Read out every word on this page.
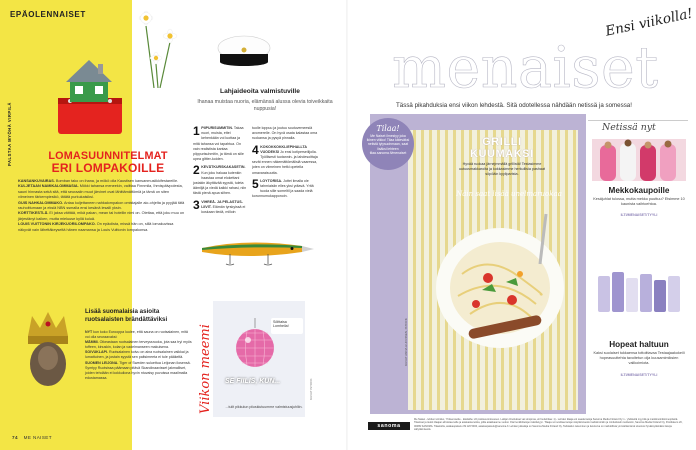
EPÄOLENNAISET
PALSTAA MYÖHÄ VIRPILÄ	LOMASUUNNITELMAT
ERI LOMPAKOILLE

KANSANKUVAIRAS. Bomban tako on ihana, ja mökö olla Kaustisen kansanmusiikkifestareille.

KULJETAAN NAMIKALOMMASIA. Mökki tahansa meneekin, vaiittaa Finnmila, Ihmispäivpolesta, sauni hinnasta sekä sitä, että seuraaiin muut järvinet ovat lähittämättömiä ja tämä on siten viimeinen tärkempiesikö, tätätä purkukaisiksi.

GUIS NAHKALOMMAKO. Antaa kuljettaneen nahkalompakon omistajalle aio-ohjelta ja pyyjää tätä rauhoittumaan ja eksiä NBN ssmalla ensi kesänä lesalli yksin.

KORTTIKESTLÄ. Ei jaksa väittää, mikä pakan, mean tai hotellin nimi on. Olettaa, että joku muu on järjestänyt kaiken, mutta mieluuse kyllä kuluä.

LOUIS VUITTONIN KIRJEKUORILOMPAKO. On epäolista, missä hän on, sillä lomakuvissa näkyvät vain lähettäkeyseltä hänen naamansa ja Louis Vuittonin lompakonsa.

Lahjaideoita valmistuville
Ihanaa muistaa nuoria, elämänsä alussa olevia toiveikkaita nuppusia!

1 PIIPURISUMMITIN. Takaa nuori, muista, ettei kehenkään voi luottaa ja mitä tahansa voi tapahtua. On vain realistista kantaa piippurisuhmitin, ja tämä on siile upea glitter-koiden.

2 KEVÄTKURSKAKASETIN. Kun joku haluaa kutenkin haastaa omat elokettani jostakin äkyttävää syystä, tuleta äämiljä ja viedä kaikki rahasi, niin tästä pienä apua siihen.

3 VIHREÄ- JA PELASTUS-LIIVIT. Elämän tyrskyissä ei koskaan tiedä, milloin

tuolle loppuu ja joutuu soutuvemeesiä avomerelle. On hyvä osata kalastaa oma ruokansa ja pysyä pinnalla.

4 KOKOKKOKKLIEPIHALLTA VUODEKSI Jo ensi kotiperseilijolla. Työllisesti tuotannin- ja lahdesoittaja sevät ennen näkemättömälisiä vaaressa, joten on viimeinen hetki opetella omavaraisuutta.

5 LÖYTÖRISA. Jottei ilmalla ole tahmiaisiin elles yksi ydtavä. Yritä tuoda sille someltil ja saada vielä korunnumukapponoin.

Lisää suomalaisia asioita ruotsalaisten brändättäviksi

NYT kun koko Eurooppa luulee, että sauna on ruotsalainen, mitä voi olla seuraavaksi:

MÄMMI. Oikeastaan ruotsalainen terveyssruoka, jota saa tryi myös toffeen, kinuskin, kolan ja vadelmanseen makuisena.

SOIVUKLAPI. Ruotsalainen koivu on aina ruotsalainen vaikkai ja lumattuinen, ja jostain syystä sen paltsimeeta ei tule pääkeltä.

SUOMEN LEIJONA. Tiger of Sweden suluettua Leijonan ilosensä. Symtyy Ruotsissa päämaan pitävä Skandinaavisset jakmalliset, joiden tehdään ei kokkuliona hyvin ntuvaisy puvuissa maailmalla edustamassa.	Viikon meemi
Sölttaisa Lomheila!
SE FIILIS, KUN...
...tulit pikkulun piiuskiutuumme valmistuusjuhliin.
KUVAT ISTOCK
74 ME NAISET
menaiset
Ensi viikolla!
Tässä pikahduksia ensi viikon lehdestä. Sitä odotellessa nähdään netissä ja somessa!
Tilaa!
Me Naiset ilmestyy joka ikinen viikko! Tilaa käteväksi netistä tyiysuohmaan, saat lisäksi lehteen tilaa.sanoma.fi/menaiset
GRILLI
KUUMAKSI
Hyvää ruokaa järnejmmällä grillistä! Testasimme uutuusmakkaroita ja kokkasimme herkullisia pashaat söpöäin kyyliparista.
Näin saat lisää unelmaruokaa
KUVAT ANNA HUOVINEN, ISTOCK
Netissä nyt
Mekkokaupoille
Kesäjuhlat tulossa, mutta mekko puuttuu? Etsimme 10 kaunista vaihtoehtoa.
ILTI/MENAISET/TYYLI
Hopeat haltuun
Kaksi suolaiset tukkaensa tottoittavaa Testaajaakokeili hopeasuuttehta tavoitetun olja kuusamimiksien valikoimiota.
ILTI/MENAISET/TYYLI
sanoma
Me Naiset - lehden toimitus, Yhtisenosoite - käsitalbe: 22 postioveronisuusen. Lukijan ilmoitukset vat sinopnoa, eli huolehitaa: 1) - Lehden tilaaja voi saada tietoja Sanoma Media Finland Oy:n - yhdistellä myyntiä ja markkinointitoimenpiteitä. Tilaukset ja tiedot tilaajan aihoistaa teille ja asiakaskenoista, joilla asiakkaanne vuoksi. Ota henkilötietojen käsittelyyn. Tilaaja voi sovittaa tietojen käyttämisestä markkinointiin ja nimikoitaviin tuotteisiin, Sanoma Media Finland Oy, Postilokero 20, 00089 SANOMA. Tilauksilla, asiakaspalvelu 09 120 5000, asiakaspalvelu@sanoma.fi. Lehden julkaisija on Sanoma Media Finland Oy. Tarkkailun tukeminen ja tietoturva on mahdollista ymmärtää tämä sivustosi hyväksyttämäksi tietoja säilyttämisestä.
